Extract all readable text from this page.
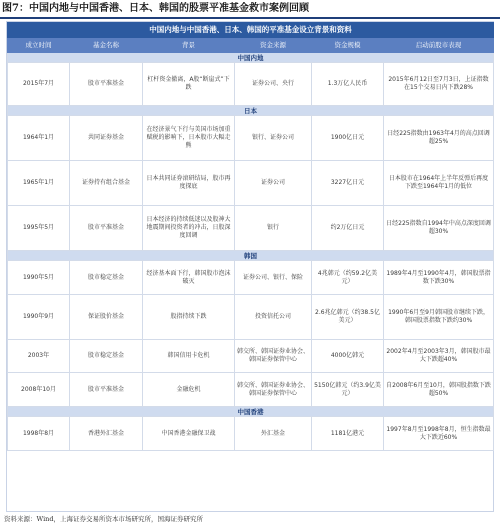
图7：中国内地与中国香港、日本、韩国的股票平准基金救市案例回顾
中国内地与中国香港、日本、韩国的平准基金设立背景和资料					
成立时间	基金名称	背景	资金来源	资金规模	启动前股市表现
中国内地					
2015年7月	股市平准基金	杠杆资金撤离，A股“断崖式”下跌	证券公司、央行	1.3万亿人民币	2015年6月12日至7月3日，上证指数在15个交易日内下跌28%
日本					
1964年1月	共同证券基金	在经济景气下行与美国市场加重赋税的影响下，日本股市大幅走熊	银行、证券公司	1900亿日元	日经225指数由1963年4月的高点回调超25%
1965年1月	证券持有组合基金	日本共同证券滚研结局，股市再度探底	证券公司	3227亿日元	日本股市在1964年上半年反弹后再度下跌至1964年1月的低位
1995年5月	股市平准基金	日本经济的持续低迷以及股神大地震期间投资者的冲击，日股深度回调	银行	约2万亿日元	日经225指数自1994年中高点深度回调超30%
韩国					
1990年5月	股市稳定基金	经济基本面下行，韩国股市泡沫破灭	证券公司、银行、保险	4兆韩元（约59.2亿美元）	1989年4月至1990年4月，韩国股票指数下跌30%
1990年9月	保证股价基金	股指持续下跌	投资信托公司	2.6兆亿韩元（约38.5亿美元）	1990年6月至9月韩国股市继续下跌，韩国股票指数下跌约30%
2003年	股市稳定基金	韩国信用卡危机	韩交所、韩国证券业协会、韩国证券保管中心	4000亿韩元	2002年4月至2003年3月，韩国股市最大下跌超40%
2008年10月	股市平准基金	金融危机	韩交所、韩国证券业协会、韩国证券保管中心	5150亿韩元（约3.9亿美元）	自2008年6月至10月，韩国股指数下跌超50%
中国香港					
1998年8月	香港外汇基金	中国香港金融保卫战	外汇基金	1181亿港元	1997年8月至1998年8月，恒生指数最大下跌近60%
资料来源：Wind，上海证券交易所资本市场研究所，国海证券研究所
